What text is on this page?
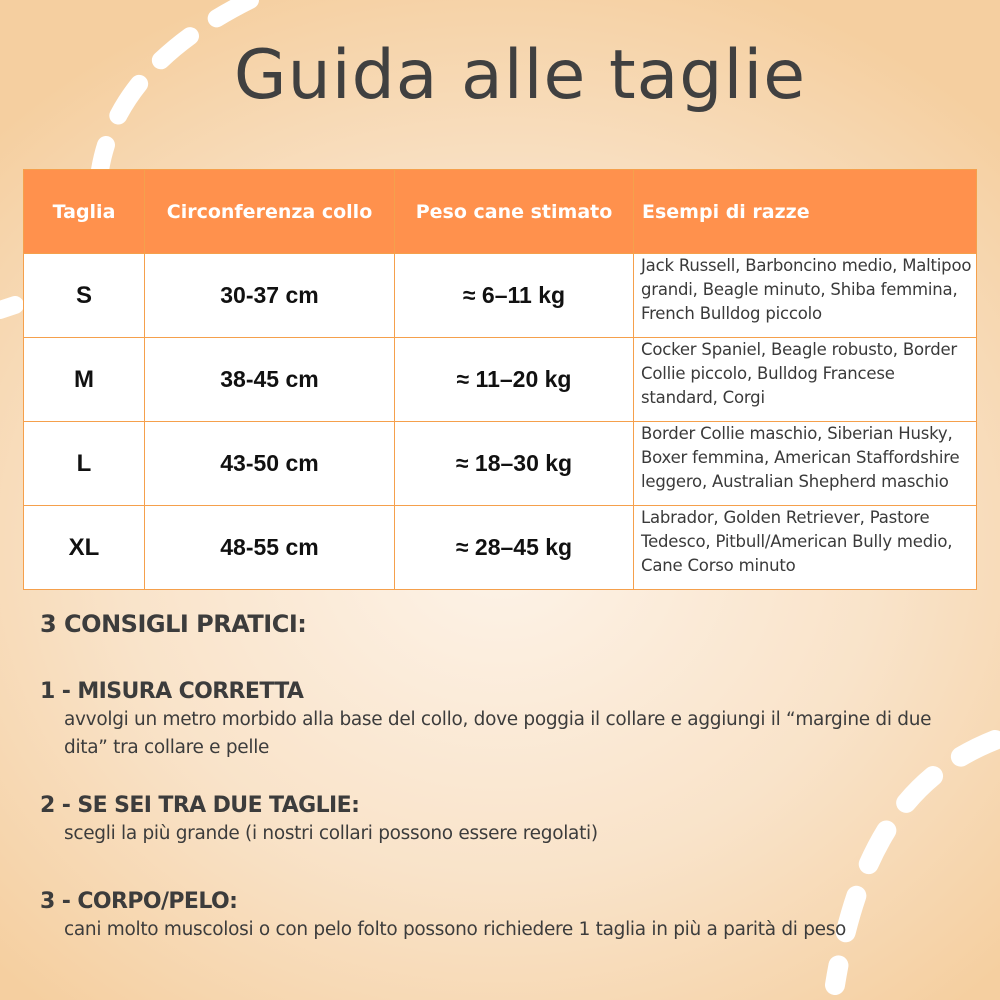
Guida alle taglie
Taglia	Circonferenza collo	Peso cane stimato	Esempi di razze
S	30-37 cm	≈ 6–11 kg	Jack Russell, Barboncino medio, Maltipoo grandi, Beagle minuto, Shiba femmina, French Bulldog piccolo
M	38-45 cm	≈ 11–20 kg	Cocker Spaniel, Beagle robusto, Border Collie piccolo, Bulldog Francese standard, Corgi
L	43-50 cm	≈ 18–30 kg	Border Collie maschio, Siberian Husky, Boxer femmina, American Staffordshire leggero, Australian Shepherd maschio
XL	48-55 cm	≈ 28–45 kg	Labrador, Golden Retriever, Pastore Tedesco, Pitbull/American Bully medio, Cane Corso minuto
3 CONSIGLI PRATICI:
1 - MISURA CORRETTA
avvolgi un metro morbido alla base del collo, dove poggia il collare e aggiungi il “margine di due dita” tra collare e pelle
2 - SE SEI TRA DUE TAGLIE:
scegli la più grande (i nostri collari possono essere regolati)
3 - CORPO/PELO:
cani molto muscolosi o con pelo folto possono richiedere 1 taglia in più a parità di peso
